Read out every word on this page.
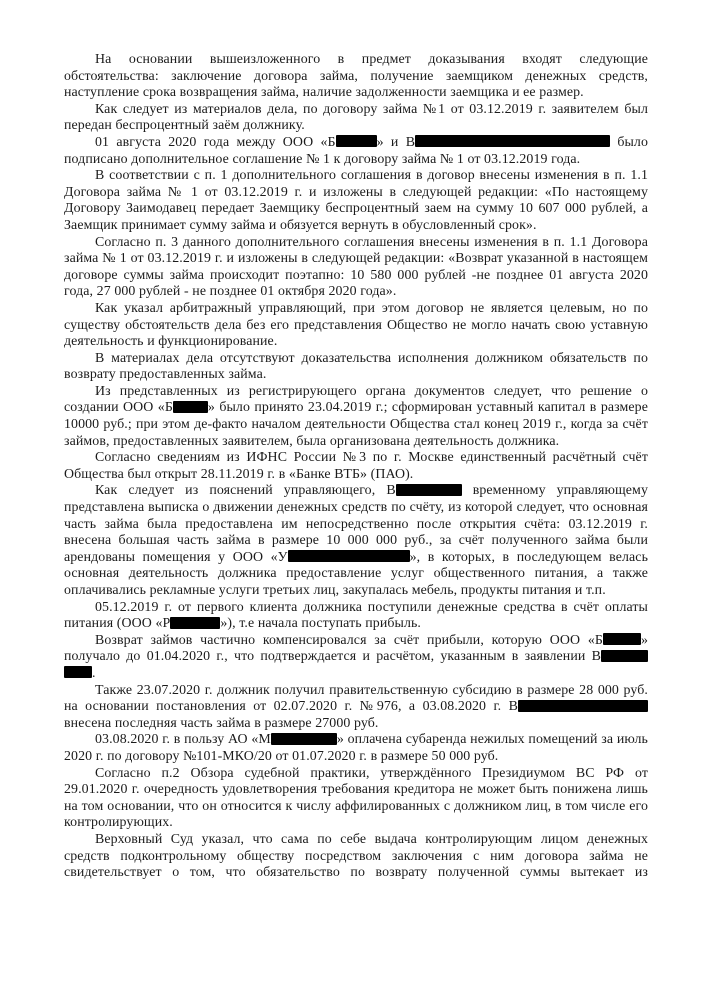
На основании вышеизложенного в предмет доказывания входят следующие обстоятельства: заключение договора займа, получение заемщиком денежных средств, наступление срока возвращения займа, наличие задолженности заемщика и ее размер.

Как следует из материалов дела, по договору займа №1 от 03.12.2019 г. заявителем был передан беспроцентный заём должнику.

01 августа 2020 года между ООО «Б	» и В	было подписано дополнительное соглашение № 1 к договору займа № 1 от 03.12.2019 года.

В соответствии с п. 1 дополнительного соглашения в договор внесены изменения в п. 1.1 Договора займа № 1 от 03.12.2019 г. и изложены в следующей редакции: «По настоящему Договору Заимодавец передает Заемщику беспроцентный заем на сумму 10 607 000 рублей, а Заемщик принимает сумму займа и обязуется вернуть в обусловленный срок».

Согласно п. 3 данного дополнительного соглашения внесены изменения в п. 1.1 Договора займа № 1 от 03.12.2019 г. и изложены в следующей редакции: «Возврат указанной в настоящем договоре суммы займа происходит поэтапно: 10 580 000 рублей -не позднее 01 августа 2020 года, 27 000 рублей - не позднее 01 октября 2020 года».

Как указал арбитражный управляющий, при этом договор не является целевым, но по существу обстоятельств дела без его представления Общество не могло начать свою уставную деятельность и функционирование.

В материалах дела отсутствуют доказательства исполнения должником обязательств по возврату предоставленных займа.

Из представленных из регистрирующего органа документов следует, что решение о создании ООО «Б	» было принято 23.04.2019 г.; сформирован уставный капитал в размере 10000 руб.; при этом де-факто началом деятельности Общества стал конец 2019 г., когда за счёт займов, предоставленных заявителем, была организована деятельность должника.

Согласно сведениям из ИФНС России №3 по г. Москве единственный расчётный счёт Общества был открыт 28.11.2019 г. в «Банке ВТБ» (ПАО).

Как следует из пояснений управляющего, В	временному управляющему представлена выписка о движении денежных средств по счёту, из которой следует, что основная часть займа была предоставлена им непосредственно после открытия счёта: 03.12.2019 г. внесена большая часть займа в размере 10 000 000 руб., за счёт полученного займа были арендованы помещения у ООО «У	», в которых, в последующем велась основная деятельность должника предоставление услуг общественного питания, а также оплачивались рекламные услуги третьих лиц, закупалась мебель, продукты питания и т.п.

05.12.2019 г. от первого клиента должника поступили денежные средства в счёт оплаты питания (ООО «Р	»), т.е начала поступать прибыль.

Возврат займов частично компенсировался за счёт прибыли, которую ООО «Б	» получало до 01.04.2020 г., что подтверждается и расчётом, указанным в заявлении В .

Также 23.07.2020 г. должник получил правительственную субсидию в размере 28 000 руб. на основании постановления от 02.07.2020 г. №976, а 03.08.2020 г. В внесена последняя часть займа в размере 27000 руб.

03.08.2020 г. в пользу АО «М	» оплачена субаренда нежилых помещений за июль 2020 г. по договору №101-МКО/20 от 01.07.2020 г. в размере 50 000 руб.

Согласно п.2 Обзора судебной практики, утверждённого Президиумом ВС РФ от 29.01.2020 г. очередность удовлетворения требования кредитора не может быть понижена лишь на том основании, что он относится к числу аффилированных с должником лиц, в том числе его контролирующих.

Верховный Суд указал, что сама по себе выдача контролирующим лицом денежных средств подконтрольному обществу посредством заключения с ним договора займа не свидетельствует о том, что обязательство по возврату полученной суммы вытекает из
